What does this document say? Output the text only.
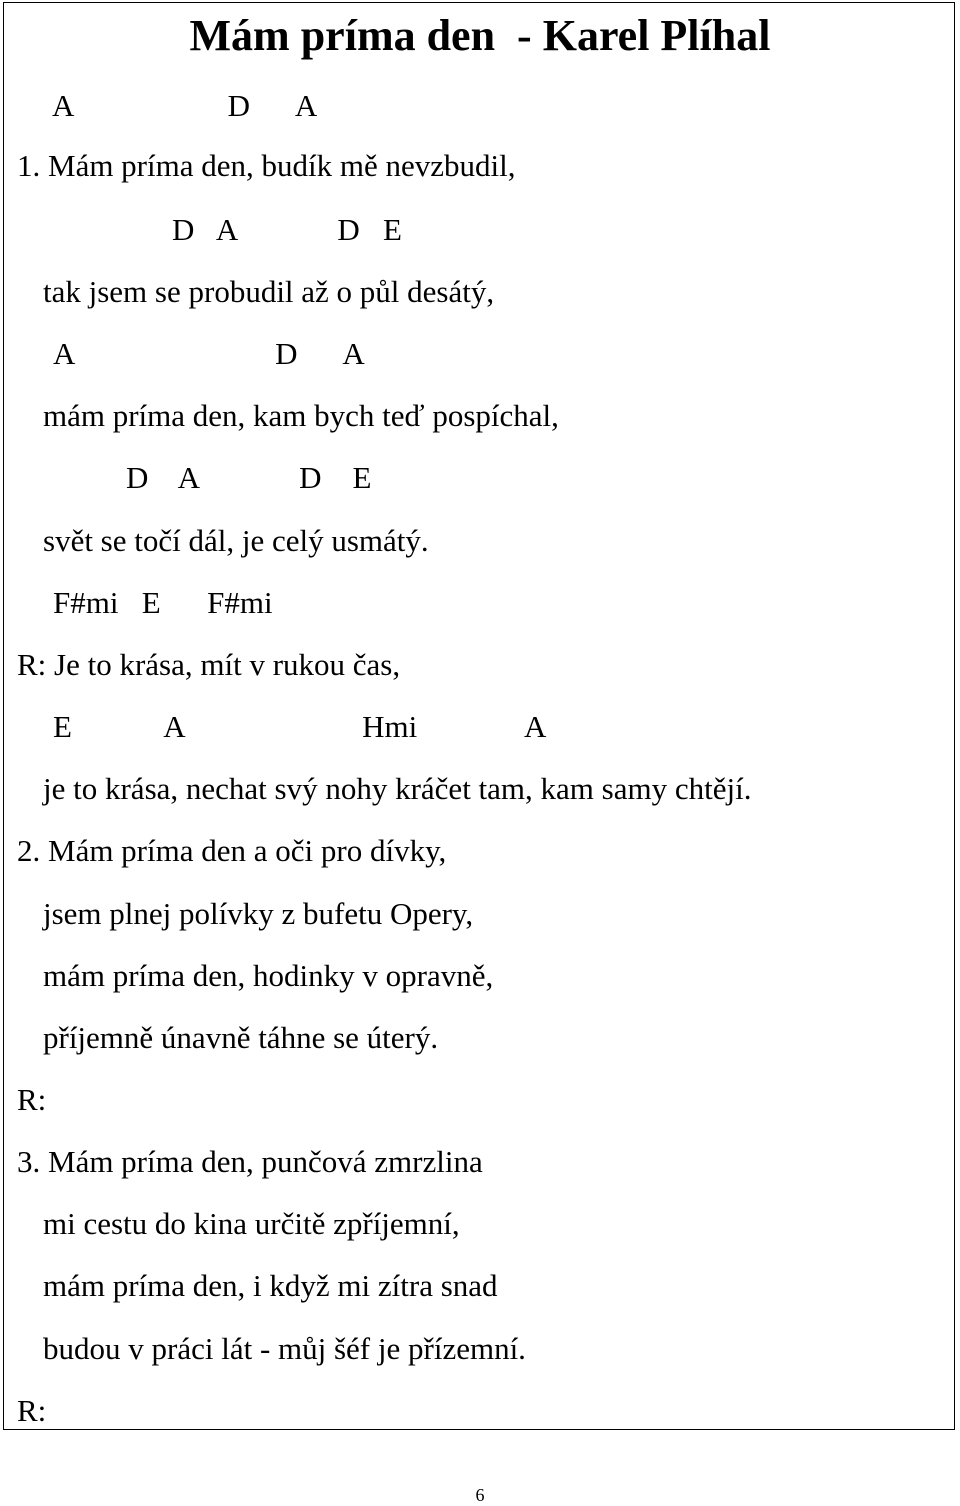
Mám príma den  - Karel Plíhal
A                    D      A
1. Mám príma den, budík mě nevzbudil,
D   A             D   E
tak jsem se probudil až o půl desátý,
A                          D      A
mám príma den, kam bych teď pospíchal,
D    A             D    E
svět se točí dál, je celý usmátý.
F#mi   E      F#mi
R: Je to krása, mít v rukou čas,
E            A                       Hmi              A
je to krása, nechat svý nohy kráčet tam, kam samy chtějí.
2. Mám príma den a oči pro dívky,
jsem plnej polívky z bufetu Opery,
mám príma den, hodinky v opravně,
příjemně únavně táhne se úterý.
R:
3. Mám príma den, punčová zmrzlina
mi cestu do kina určitě zpříjemní,
mám príma den, i když mi zítra snad
budou v práci lát - můj šéf je přízemní.
R:
6
